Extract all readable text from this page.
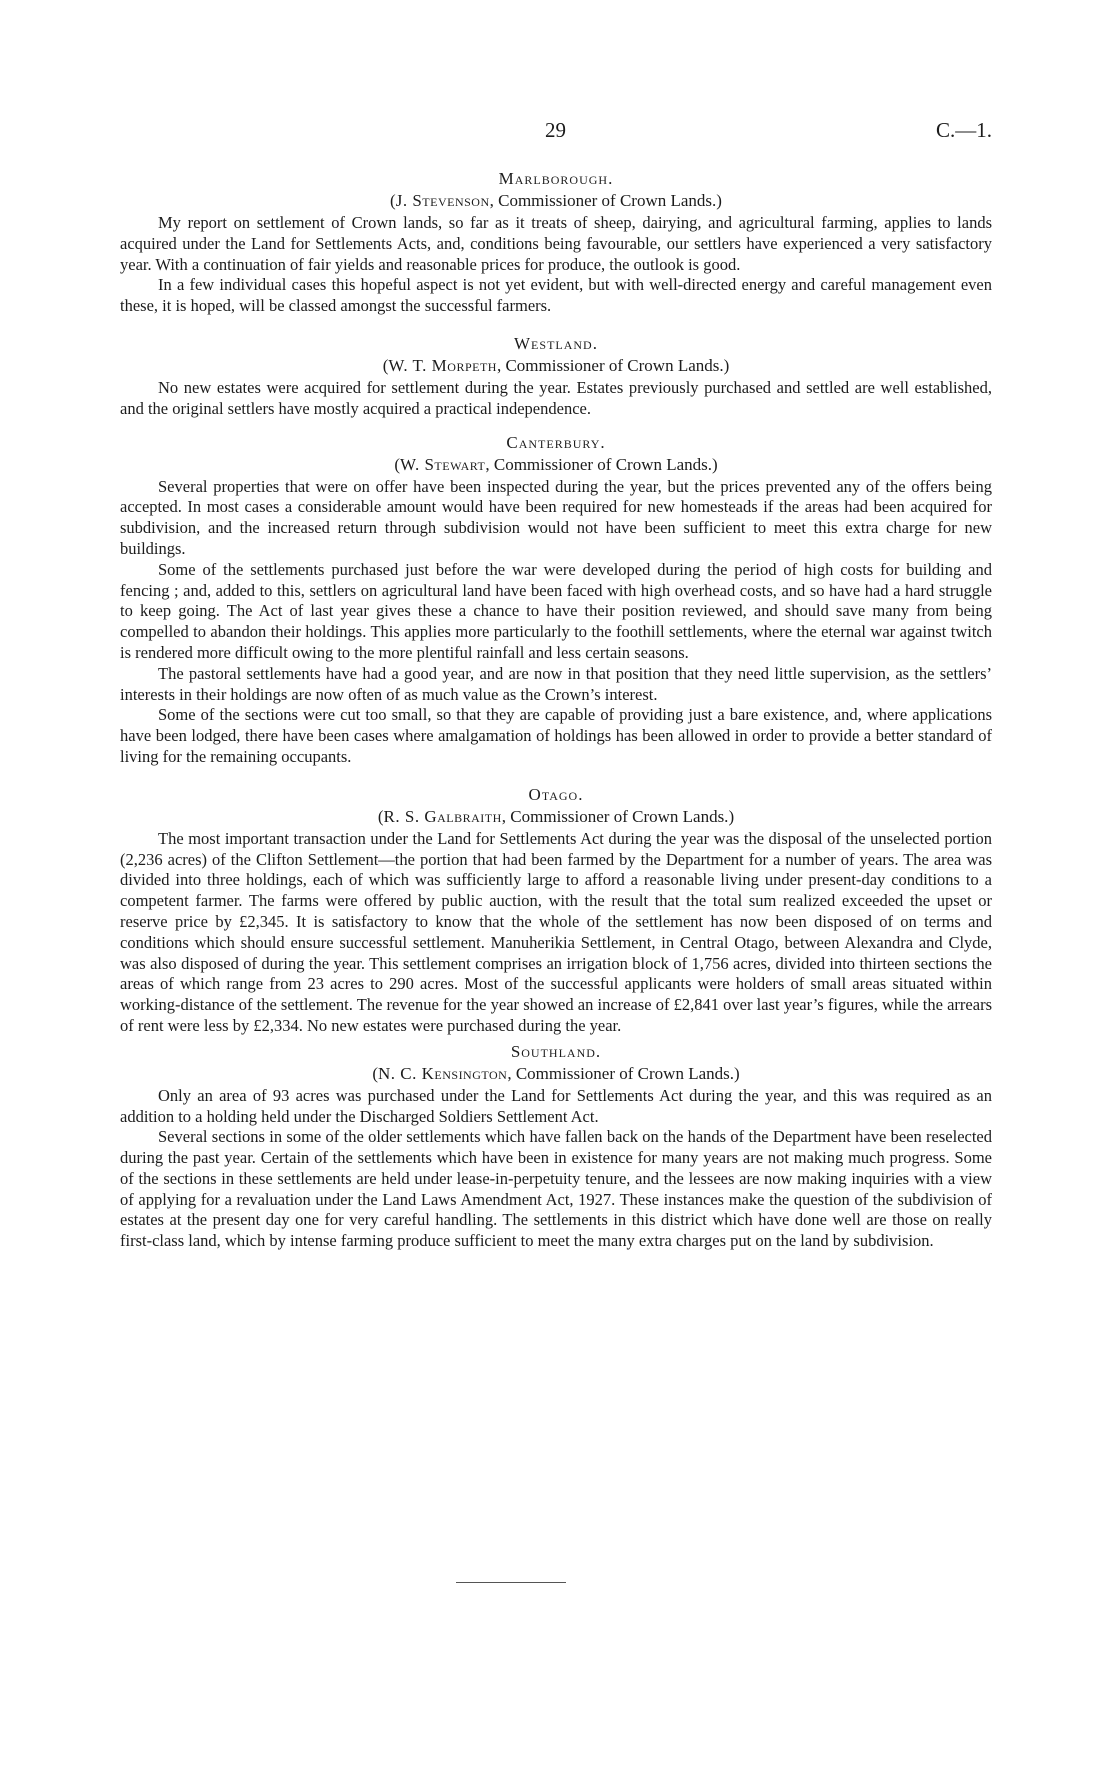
29	C.—1.
Marlborough.
(J. Stevenson, Commissioner of Crown Lands.)

My report on settlement of Crown lands, so far as it treats of sheep, dairying, and agricultural farming, applies to lands acquired under the Land for Settlements Acts, and, conditions being favourable, our settlers have experienced a very satisfactory year. With a continuation of fair yields and reasonable prices for produce, the outlook is good.

In a few individual cases this hopeful aspect is not yet evident, but with well-directed energy and careful management even these, it is hoped, will be classed amongst the successful farmers.

Westland.
(W. T. Morpeth, Commissioner of Crown Lands.)

No new estates were acquired for settlement during the year. Estates previously purchased and settled are well established, and the original settlers have mostly acquired a practical independence.

Canterbury.
(W. Stewart, Commissioner of Crown Lands.)

Several properties that were on offer have been inspected during the year, but the prices prevented any of the offers being accepted. In most cases a considerable amount would have been required for new homesteads if the areas had been acquired for subdivision, and the increased return through subdivision would not have been sufficient to meet this extra charge for new buildings.

Some of the settlements purchased just before the war were developed during the period of high costs for building and fencing ; and, added to this, settlers on agricultural land have been faced with high overhead costs, and so have had a hard struggle to keep going. The Act of last year gives these a chance to have their position reviewed, and should save many from being compelled to abandon their holdings. This applies more particularly to the foothill settlements, where the eternal war against twitch is rendered more difficult owing to the more plentiful rainfall and less certain seasons.

The pastoral settlements have had a good year, and are now in that position that they need little supervision, as the settlers’ interests in their holdings are now often of as much value as the Crown’s interest.

Some of the sections were cut too small, so that they are capable of providing just a bare existence, and, where applications have been lodged, there have been cases where amalgamation of holdings has been allowed in order to provide a better standard of living for the remaining occupants.

Otago.
(R. S. Galbraith, Commissioner of Crown Lands.)

The most important transaction under the Land for Settlements Act during the year was the disposal of the unselected portion (2,236 acres) of the Clifton Settlement—the portion that had been farmed by the Department for a number of years. The area was divided into three holdings, each of which was sufficiently large to afford a reasonable living under present-day conditions to a competent farmer. The farms were offered by public auction, with the result that the total sum realized exceeded the upset or reserve price by £2,345. It is satisfactory to know that the whole of the settlement has now been disposed of on terms and conditions which should ensure successful settlement. Manuherikia Settlement, in Central Otago, between Alexandra and Clyde, was also disposed of during the year. This settlement comprises an irrigation block of 1,756 acres, divided into thirteen sections the areas of which range from 23 acres to 290 acres. Most of the successful applicants were holders of small areas situated within working-distance of the settlement. The revenue for the year showed an increase of £2,841 over last year’s figures, while the arrears of rent were less by £2,334. No new estates were purchased during the year.

Southland.
(N. C. Kensington, Commissioner of Crown Lands.)

Only an area of 93 acres was purchased under the Land for Settlements Act during the year, and this was required as an addition to a holding held under the Discharged Soldiers Settlement Act.

Several sections in some of the older settlements which have fallen back on the hands of the Department have been reselected during the past year. Certain of the settlements which have been in existence for many years are not making much progress. Some of the sections in these settlements are held under lease-in-perpetuity tenure, and the lessees are now making inquiries with a view of applying for a revaluation under the Land Laws Amendment Act, 1927. These instances make the question of the subdivision of estates at the present day one for very careful handling. The settlements in this district which have done well are those on really first-class land, which by intense farming produce sufficient to meet the many extra charges put on the land by subdivision.
